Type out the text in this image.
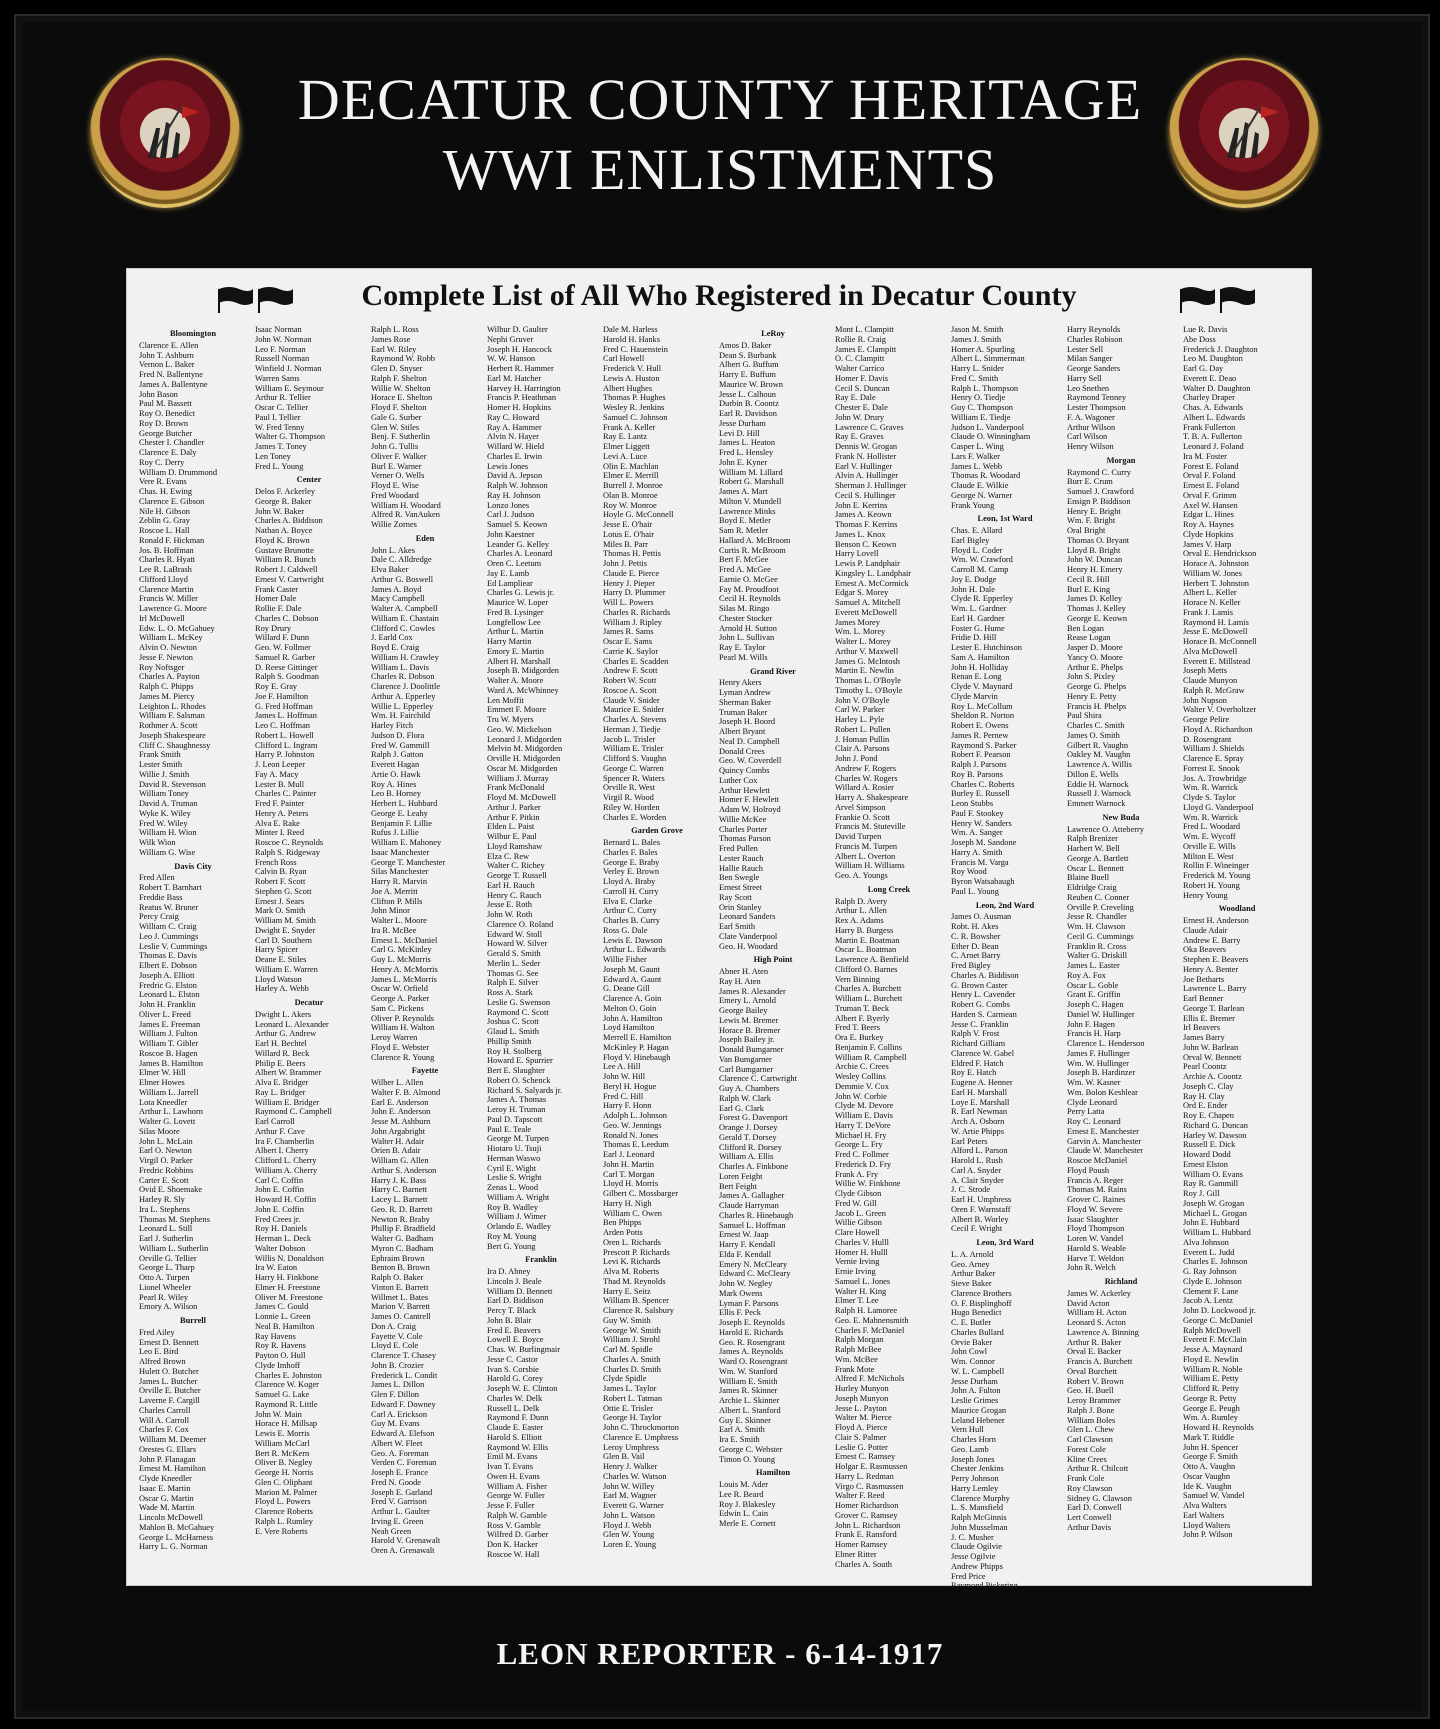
DECATUR COUNTY HERITAGE
WWI ENLISTMENTS
Complete List of All Who Registered in Decatur County
Bloomington
Clarence E. Allen
John T. Ashburn
Vernon L. Baker
Fred N. Ballentyne
James A. Ballentyne
John Bason
Paul M. Bassett
Roy O. Benedict
Roy D. Brown
George Butcher
Chester I. Chandler
Clarence E. Daly
Roy C. Derry
William D. Drummond
Vere R. Evans
Chas. H. Ewing
Clarence E. Gibson
Nile H. Gibson
Zeblin G. Gray
Roscoe L. Hall
Ronald F. Hickman
Jos. B. Hoffman
Charles R. Hyatt
Lee R. LaBrash
Clifford Lloyd
Clarence Martin
Francis W. Miller
Lawrence G. Moore
Irl McDowell
Edw. L. O. McGahuey
William L. McKey
Alvin O. Newton
Jesse F. Newton
Roy Noftsger
Charles A. Payton
Ralph C. Phipps
James M. Piercy
Leighton L. Rhodes
William F. Salsman
Rothmer A. Scott
Joseph Shakespeare
Cliff C. Shaughnessy
Frank Smith
Lester Smith
Willie J. Smith
David R. Stevenson
William Toney
David A. Truman
Wyke K. Wiley
Fred W. Wiley
William H. Wion
Wilk Wion
William G. Wise
Davis City
Fred Allen
Robert T. Barnhart
Freddie Bass
Reatus W. Bruner
Percy Craig
William C. Craig
Leo J. Cummings
Leslie V. Cummings
Thomas E. Davis
Elbert E. Dobson
Joseph A. Elliott
Fredric G. Elston
Leonard L. Elston
John H. Franklin
Oliver L. Freed
James E. Freeman
William J. Fulton
William T. Gibler
Roscoe B. Hagen
James B. Hamilton
Elmer W. Hill
Elmer Howes
William L. Jarrell
Lota Kneedler
Arthur L. Lawhorn
Walter G. Lovett
Silas Moore
John L. McLain
Earl O. Newton
Virgil O. Parker
Fredric Robbins
Carter E. Scott
Ovid E. Shoemake
Harley R. Sly
Ira L. Stephens
Thomas M. Stephens
Leonard L. Still
Earl J. Sutherlin
William L. Sutherlin
Orville G. Tellier
George L. Tharp
Otto A. Turpen
Lionel Wheeler
Pearl R. Wiley
Emory A. Wilson
Burrell
Fred Ailey
Ernest D. Bennett
Leo E. Bird
Alfred Brown
Hulett O. Butcher
James L. Butcher
Orville E. Butcher
Laverne F. Cargill
Charles Carroll
Will A. Carroll
Charles F. Cox
William M. Deemer
Orestes G. Ellars
John P. Flanagan
Ernest M. Hamilton
Clyde Kneedler
Isaac E. Martin
Oscar G. Martin
Wade M. Martin
Lincoln McDowell
Mahlon B. McGahuey
George L. McHarness
Harry L. G. Norman
Isaac Norman
John W. Norman
Leo F. Norman
Russell Norman
Winfield J. Norman
Warren Sams
William E. Seymour
Arthur R. Tellier
Oscar C. Tellier
Paul I. Tellier
W. Fred Tenny
Walter G. Thompson
James T. Toney
Len Toney
Fred L. Young
Center
Delos F. Ackerley
George R. Baker
John W. Baker
Charles A. Biddison
Nathan A. Boyce
Floyd K. Brown
Gustave Brunotte
William R. Bunch
Robert J. Caldwell
Ernest V. Cartwright
Frank Caster
Homer Dale
Rollie F. Dale
Charles C. Dobson
Roy Drury
Willard F. Dunn
Geo. W. Follmer
Samuel R. Garber
D. Reese Gittinger
Ralph S. Goodman
Roy E. Gray
Joe F. Hamilton
G. Fred Hoffman
James L. Hoffman
Leo C. Hoffman
Robert L. Howell
Clifford L. Ingram
Harry P. Johnston
J. Leon Leeper
Fay A. Macy
Lester B. Mull
Charles C. Painter
Fred F. Painter
Henry A. Peters
Alva E. Rake
Minter I. Reed
Roscoe C. Reynolds
Ralph S. Ridgeway
French Ross
Calvin B. Ryan
Robert F. Scott
Stephen G. Scott
Ernest J. Sears
Mark O. Smith
William M. Smith
Dwight E. Snyder
Carl D. Southern
Harry Spicer
Deane E. Stiles
William E. Warren
Lloyd Watson
Harley A. Webb
Decatur
Dwight L. Akers
Leonard L. Alexander
Arthur G. Andrew
Earl H. Bechtel
Willard R. Beck
Philip E. Beers
Albert W. Brammer
Alva E. Bridger
Ray L. Bridger
William E. Bridger
Raymond C. Campbell
Earl Carroll
Arthur F. Cave
Ira F. Chamberlin
Albert I. Cherry
Clifford L. Cherry
William A. Cherry
Carl C. Coffin
John E. Coffin
Howard H. Coffin
John E. Coffin
Fred Crees jr.
Roy H. Daniels
Herman L. Deck
Walter Dobson
Willis N. Donaldson
Ira W. Eaton
Harry H. Finkbone
Elmer H. Freestone
Oliver M. Freestone
James C. Gould
Lonnie L. Green
Neal B. Hamilton
Ray Havens
Roy R. Havens
Payton O. Hull
Clyde Imhoff
Charles E. Johnston
Clarence W. Koger
Samuel G. Lake
Raymond R. Little
John W. Main
Horace H. Millsap
Lewis E. Morris
William McCarl
Bert R. McKern
Oliver B. Negley
George H. Norris
Glen C. Oliphant
Marion M. Palmer
Floyd L. Powers
Clarence Roberts
Ralph L. Rumley
E. Vere Roberts
Ralph L. Ross
James Rose
Earl W. Riley
Raymond W. Robb
Glen D. Snyser
Ralph F. Shelton
Willie W. Shelton
Horace E. Shelton
Floyd F. Shelton
Gale G. Surber
Glen W. Stiles
Benj. F. Sutherlin
John G. Tullis
Oliver F. Walker
Burl E. Warner
Verner O. Wells
Floyd E. Wise
Fred Woodard
William H. Woodard
Alfred R. VanAuken
Willie Zornes
Eden
John L. Akes
Dale C. Alldredge
Elva Baker
Arthur G. Boswell
James A. Boyd
Macy Campbell
Walter A. Campbell
William E. Chastain
Clifford C. Cowles
J. Earld Cox
Boyd E. Craig
William H. Crawley
William L. Davis
Charles R. Dobson
Clarence J. Doolittle
Arthur A. Epperley
Willie L. Epperley
Wm. H. Fairchild
Harley Fitch
Judson D. Flora
Fred W. Gammill
Ralph J. Gatton
Everett Hagan
Artie O. Hawk
Roy A. Hines
Leo B. Horney
Herbert L. Hubbard
George E. Leahy
Benjamin F. Lillie
Rufus J. Lillie
William E. Mahoney
Isaac Manchester
George T. Manchester
Silas Manchester
Harry R. Marvin
Joe A. Merritt
Clifton P. Mills
John Minor
Walter L. Moore
Ira R. McBee
Ernest L. McDaniel
Carl G. McKinley
Guy L. McMorris
Henry A. McMorris
James L. McMorris
Oscar W. Orfield
George A. Parker
Sam C. Pickens
Oliver P. Reynolds
William H. Walton
Leroy Warren
Floyd E. Webster
Clarence R. Young
Fayette
Wilber L. Allen
Walter F. B. Almond
Earl E. Anderson
John E. Anderson
Jesse M. Ashburn
John Argabright
Walter H. Adair
Orien B. Adair
William G. Allen
Arthur S. Anderson
Harry J. K. Bass
Harry C. Barnett
Lacey L. Barnett
Geo. R. D. Barrett
Newton R. Braby
Phillip F. Bradfield
Walter G. Badham
Myron C. Badham
Ephraim Brown
Benton B. Brown
Ralph O. Baker
Vinton E. Barrett
Willmet L. Bates
Marion V. Barrett
James O. Cantrell
Don A. Craig
Fayette V. Cole
Lloyd E. Cole
Clarence T. Chasey
John B. Crozier
Frederick L. Condit
James L. Dillon
Glen F. Dillon
Edward F. Downey
Carl A. Erickson
Guy M. Evans
Edward A. Elefson
Albert W. Fleet
Geo. A. Foreman
Verden C. Foreman
Joseph E. France
Fred N. Goode
Joseph E. Garland
Fred V. Garrison
Arthur L. Gaulter
Irving E. Green
Neah Green
Harold V. Grenawalt
Oren A. Grenawalt
Wilbur D. Gaulter
Nephi Gruver
Joseph H. Hancock
W. W. Hanson
Herbert R. Hammer
Earl M. Hatcher
Harvey H. Harrington
Francis P. Heathman
Homer H. Hopkins
Ray C. Howard
Ray A. Hammer
Alvin N. Hayer
Willard W. Hield
Charles E. Irwin
Lewis Jones
David A. Jepson
Ralph W. Johnson
Ray H. Johnson
Lonzo Jones
Carl J. Judson
Samuel S. Keown
John Kaestner
Leander G. Kelley
Charles A. Leonard
Oren C. Leetum
Jay E. Lamb
Ed Lampliear
Charles G. Lewis jr.
Maurice W. Loper
Fred B. Lysinger
Longfellow Lee
Arthur L. Martin
Harry Martin
Emory E. Martin
Albert H. Marshall
Joseph B. Midgorden
Walter A. Moore
Ward A. McWhinney
Len Moffit
Emmett F. Moore
Tru W. Myers
Geo. W. Mickelson
Leonard J. Midgorden
Melvin M. Midgorden
Orville H. Midgorden
Oscar M. Midgorden
William J. Murray
Frank McDonald
Floyd M. McDowell
Arthur J. Parker
Arthur F. Pitkin
Elden L. Paist
Wilbur E. Paul
Lloyd Ramshaw
Elza C. Rew
Walter C. Richey
George T. Russell
Earl H. Rauch
Henry C. Rauch
Jesse E. Roth
John W. Roth
Clarence O. Roland
Edward W. Stoll
Howard W. Silver
Gerald S. Smith
Merlin L. Seder
Thomas G. See
Ralph E. Silver
Ross A. Stark
Leslie G. Swenson
Raymond C. Scott
Joshua C. Scott
Glaud L. Smith
Phillip Smith
Roy H. Stolberg
Howard E. Spurrier
Bert E. Slaughter
Robert O. Schenck
Richard S. Salyards jr.
James A. Thomas
Leroy H. Truman
Paul D. Tapscott
Paul E. Teale
George M. Turpen
Hiotaro U. Tsuji
Herman Waswo
Cyril E. Wight
Leslie S. Wright
Zenas L. Wood
William A. Wright
Roy B. Wadley
William J. Wimer
Orlando E. Wadley
Roy M. Young
Bert G. Young
Franklin
Ira D. Abney
Lincoln J. Beale
William D. Bennett
Earl D. Biddison
Percy T. Black
John B. Blair
Fred E. Beavers
Lowell E. Boyce
Chas. W. Burlingmair
Jesse C. Castor
Ivan S. Corsbie
Harold G. Corey
Joseph W. E. Clinton
Charles W. Delk
Russell L. Delk
Raymond F. Dunn
Claude E. Easter
Harold S. Elliott
Raymond W. Ellis
Emil M. Evans
Ivan T. Evans
Owen H. Evans
William A. Fisher
George W. Fuller
Jesse F. Fuller
Ralph W. Gamble
Ross V. Gamble
Wilfred D. Garber
Don K. Hacker
Roscoe W. Hall
Dale M. Harless
Harold H. Hanks
Fred C. Hauenstein
Carl Howell
Frederick V. Hull
Lewis A. Huston
Albert Hughes
Thomas P. Hughes
Wesley R. Jenkins
Samuel C. Johnson
Frank A. Keller
Ray E. Lantz
Elmer Liggett
Levi A. Luce
Olin E. Machlan
Elmer E. Merrill
Burrell J. Monroe
Olan B. Monroe
Roy W. Monroe
Hoyle G. McConnell
Jesse E. O'hair
Lotus E. O'hair
Miles B. Parr
Thomas H. Pettis
John J. Pettis
Claude E. Pierce
Henry J. Pieper
Harry D. Plummer
Will L. Powers
Charles R. Richards
William J. Ripley
James R. Sams
Oscar E. Sams
Carrie K. Saylor
Charles E. Scadden
Andrew F. Scott
Robert W. Scott
Roscoe A. Scott
Claude V. Snider
Maurice E. Snider
Charles A. Stevens
Herman J. Tiedje
Jacob L. Trisler
William E. Trisler
Clifford S. Vaughn
George C. Warren
Spencer R. Waters
Orville R. West
Virgil R. Wood
Riley W. Horden
Charles E. Worden
Garden Grove
Bernard L. Bales
Charles F. Bales
George E. Braby
Verley E. Brown
Lloyd A. Braby
Carroll H. Curry
Elva E. Clarke
Arthur C. Curry
Charles B. Curry
Ross G. Dale
Lewis E. Dawson
Arthur L. Edwards
Willie Fisher
Joseph M. Gaunt
Edward A. Gaunt
G. Deane Gill
Clarence A. Goin
Melton O. Goin
John A. Hamilton
Loyd Hamilton
Merrell E. Hamilton
McKinley P. Hagan
Floyd V. Hinebaugh
Lee A. Hill
John W. Hill
Beryl H. Hogue
Fred C. Hill
Harry F. Honn
Adolph L. Johnson
Geo. W. Jennings
Ronald N. Jones
Thomas E. Leedum
Earl J. Leonard
John H. Martin
Carl T. Morgan
Lloyd H. Morris
Gilbert C. Mossbarger
Harry H. Nigh
William C. Owen
Ben Phipps
Arden Potts
Oren L. Richards
Prescott P. Richards
Levi K. Richards
Alva M. Roberts
Thad M. Reynolds
Harry E. Seitz
William B. Spencer
Clarence R. Salsbury
Guy W. Smith
George W. Smith
William J. Strohl
Carl M. Spidle
Charles A. Smith
Charles D. Smith
Clyde Spidle
James L. Taylor
Robert L. Tatman
Ottie E. Trisler
George H. Taylor
John C. Throckmorton
Clarence E. Umphress
Leroy Umphress
Glen B. Vail
Henry J. Walker
Charles W. Watson
John W. Willey
Earl M. Wagner
Everett G. Warner
John L. Watson
Floyd J. Webb
Glen W. Young
Loren E. Young
LeRoy
Amos D. Baker
Dean S. Burbank
Albert G. Buffum
Harry E. Buffum
Maurice W. Brown
Jesse L. Calhoun
Durbin B. Coontz
Earl R. Davidson
Jesse Durham
Levi D. Hill
James L. Heaton
Fred L. Hensley
John E. Kyner
William M. Lillard
Robert G. Marshall
James A. Mart
Milton V. Mundell
Lawrence Minks
Boyd E. Metler
Sam R. Metler
Hallard A. McBroom
Curtis R. McBroom
Bert F. McGee
Fred A. McGee
Earnie O. McGee
Fay M. Proudfoot
Cecil H. Reynolds
Silas M. Ringo
Chester Stocker
Arnold H. Sutton
John L. Sullivan
Ray E. Taylor
Pearl M. Wills
Grand River
Henry Akers
Lyman Andrew
Sherman Baker
Truman Baker
Joseph H. Boord
Albert Bryant
Neal D. Campbell
Donald Crees
Geo. W. Coverdell
Quincy Combs
Luther Cox
Arthur Hewlett
Homer F. Hewlett
Adam W. Holroyd
Willie McKee
Charles Porter
Thomas Parson
Fred Pullen
Lester Rauch
Hallie Rauch
Ben Swegle
Ernest Street
Ray Scott
Orin Stanley
Leonard Sanders
Earl Smith
Clate Vanderpool
Geo. H. Woodard
High Point
Abner H. Aten
Ray H. Aten
James R. Alexander
Emery L. Arnold
George Bailey
Lewis M. Bremer
Horace B. Bremer
Joseph Bailey jr.
Donald Bumgarner
Van Bumgarner
Carl Bumgarner
Clarence C. Cartwright
Guy A. Chambers
Ralph W. Clark
Earl G. Clark
Forest G. Davenport
Orange J. Dorsey
Gerald T. Dorsey
Clifford R. Dorsey
William A. Ellis
Charles A. Finkbone
Loren Feight
Bert Feight
James A. Gallagher
Claude Harryman
Charles R. Hinebaugh
Samuel L. Hoffman
Ernest W. Jaap
Harry F. Kendall
Elda F. Kendall
Emery N. McCleary
Edward C. McCleary
John W. Negley
Mark Owens
Lyman F. Parsons
Ellis F. Peck
Joseph E. Reynolds
Harold E. Richards
Geo. R. Rosengrant
James A. Reynolds
Ward O. Rosengrant
Wm. W. Stanford
William E. Smith
James R. Skinner
Archie L. Skinner
Albert L. Stanford
Guy E. Skinner
Earl A. Smith
Ira E. Smith
George C. Webster
Timon O. Young
Hamilton
Louis M. Ader
Lee R. Beard
Roy J. Blakesley
Edwin L. Cain
Merle E. Cornett
Mont L. Clampitt
Rollie R. Craig
James E. Clampitt
O. C. Clampitt
Walter Carrico
Homer F. Davis
Cecil S. Duncan
Ray E. Dale
Chester E. Dale
John W. Drury
Lawrence C. Graves
Ray E. Graves
Dennis W. Grogan
Frank N. Hollister
Earl V. Hullinger
Alvin A. Hullinger
Sherman J. Hullinger
Cecil S. Hullinger
John E. Kerrins
James A. Keown
Thomas F. Kerrins
James L. Knox
Benson C. Keown
Harry Lovell
Lewis P. Landphair
Kingsley L. Landphair
Ernest A. McCormick
Edgar S. Morey
Samuel A. Mitchell
Everett McDowell
James Morey
Wm. L. Morey
Walter L. Morey
Arthur V. Maxwell
James G. McIntosh
Martin E. Newlin
Thomas L. O'Boyle
Timothy L. O'Boyle
John V. O'Boyle
Carl W. Parker
Harley L. Pyle
Robert L. Pullen
J. Homan Pullin
Clair A. Parsons
John J. Pond
Andrew F. Rogers
Charles W. Rogers
Willard A. Rosier
Harry A. Shakespeare
Arvel Simpson
Frankie O. Scott
Francis M. Stuteville
David Turpen
Francis M. Turpen
Albert L. Overton
William H. Williams
Geo. A. Youngs
Long Creek
Ralph D. Avery
Arthur L. Allen
Rex A. Adams
Harry B. Burgess
Martin E. Boatman
Oscar L. Boatman
Lawrence A. Benfield
Clifford O. Barnes
Vern Binning
Charles A. Burchett
William L. Burchett
Truman T. Beck
Albert F. Byerly
Fred T. Beers
Ora E. Burkey
Benjamin F. Collins
William R. Campbell
Archie C. Crees
Wesley Collins
Demmie V. Cox
John W. Corbie
Clyde M. Devore
William E. Davis
Harry T. DeVore
Michael H. Fry
George L. Fry
Fred C. Follmer
Frederick D. Fry
Frank A. Fry
Willie W. Finkbone
Clyde Gibson
Fred W. Gill
Jacob L. Green
Willie Gibson
Clare Howell
Charles V. Hulll
Homer H. Hulll
Vernie Irving
Ernie Irving
Samuel L. Jones
Walter H. King
Elmer T. Lee
Ralph H. Lamoree
Geo. E. Mahnensmith
Charles F. McDaniel
Ralph Morgan
Ralph McBee
Wm. McBee
Frank Mote
Alfred F. McNichols
Hurley Munyon
Joseph Munyon
Jesse L. Payton
Walter M. Pierce
Floyd A. Pierce
Clair S. Palmer
Leslie G. Potter
Ernest C. Ramsey
Holgar E. Rasmussen
Harry L. Redman
Virgo C. Rasmussen
Walter F. Reed
Homer Richardson
Grover C. Ramsey
John L. Richardson
Frank E. Ransford
Homer Ramsey
Elmer Ritter
Charles A. South
Jason M. Smith
James J. Smith
Homer A. Spurling
Albert L. Simmerman
Harry L. Snider
Fred C. Smith
Ralph L. Thompson
Henry O. Tiedje
Guy C. Thompson
William E. Tiedje
Judson L. Vanderpool
Claude O. Winningham
Casper L. Wing
Lars F. Walker
James L. Webb
Thomas R. Woodard
Claude E. Wilkie
George N. Warner
Frank Young
Leon, 1st Ward
Chas. E. Allard
Earl Bigley
Floyd L. Coder
Wm. W. Crawford
Carroll M. Camp
Joy E. Dodge
John H. Dale
Clyde R. Epperley
Wm. L. Gardner
Earl H. Gardner
Foster G. Hume
Fridie D. Hill
Lester E. Hutchinson
Sam A. Hamilton
John H. Holliday
Renan E. Long
Clyde V. Maynard
Clyde Marvin
Roy L. McCollum
Sheldon R. Norton
Robert E. Owens
James R. Pernew
Raymond S. Parker
Robert F. Pearson
Ralph J. Parsons
Roy B. Parsons
Charles C. Roberts
Burley E. Russell
Leon Stubbs
Paul F. Stookey
Henry W. Sanders
Wm. A. Sanger
Joseph M. Sandone
Harry A. Smith
Francis M. Varga
Roy Wood
Byron Watsabaugh
Paul L. Young
Leon, 2nd Ward
James O. Ausman
Robt. H. Akes
C. R. Bowsher
Ether D. Bean
C. Arnet Barry
Fred Bigley
Charles A. Biddison
G. Brown Caster
Henry L. Cavender
Robert G. Combs
Harden S. Carmean
Jesse C. Franklin
Ralph V. Frost
Richard Gilliam
Clarence W. Gabel
Eldred F. Hatch
Roy E. Hatch
Eugene A. Henner
Earl H. Marshall
Loye E. Marshall
R. Earl Newman
Arch A. Osborn
W. Artie Phipps
Earl Peters
Alford L. Parson
Harold L. Rush
Carl A. Snyder
A. Clair Snyder
J. C. Strode
Earl H. Umphress
Oren F. Warnstaff
Albert B. Worley
Cecil F. Wright
Leon, 3rd Ward
L. A. Arnold
Geo. Arney
Arthur Baker
Steve Baker
Clarence Brothers
O. F. Bisplinghoff
Hugo Benedict
C. E. Butler
Charles Bullard
Orvie Baker
John Cowl
Wm. Connor
W. L. Campbell
Jesse Durham
John A. Fulton
Leslie Grimes
Maurice Grogan
Leland Hebener
Vern Hull
Charles Horn
Geo. Lamb
Joseph Jones
Chester Jenkins
Perry Johnson
Harry Lemley
Clarence Murphy
L. S. Mansfield
Ralph McGinnis
John Musselman
J. C. Musher
Claude Ogilvie
Jesse Ogilvie
Andrew Phipps
Fred Price
Raymond Pickering
Roy Phillips
Ralph Pickering
Dennis Poland
Ernest Russell
Glen Rumley
Clyde Richardson
R. B. Reams
Harry Reynolds
Charles Robison
Lester Sell
Milan Sanger
George Sanders
Harry Sell
Leo Snethen
Raymond Tenney
Lester Thompson
F. A. Wagoner
Arthur Wilson
Carl Wilson
Henry Wilson
Morgan
Raymond C. Curry
Burr E. Crum
Samuel J. Crawford
Ensign P. Biddison
Henry E. Bright
Wm. F. Bright
Oral Bright
Thomas O. Bryant
Lloyd B. Bright
John W. Duncan
Henry H. Emery
Cecil R. Hill
Burl E. King
James D. Kelley
Thomas J. Kelley
George E. Keown
Ben Logan
Rease Logan
Jasper D. Moore
Yancy O. Moore
Arthur E. Phelps
John S. Pixley
George G. Phelps
Henry E. Petty
Francis H. Phelps
Paul Shira
Charles C. Smith
James O. Smith
Gilbert R. Vaughn
Oakley M. Vaughn
Lawrence A. Willis
Dillon E. Wells
Eddie H. Warnock
Russell J. Warnock
Emmett Warnock
New Buda
Lawrence O. Atteberry
Ralph Brenizer
Harbert W. Bell
George A. Bartlett
Oscar L. Bennett
Blaine Buell
Eldridge Craig
Reuben C. Conner
Orville P. Creveling
Jesse R. Chandler
Wm. H. Clawson
Cecil G. Cummings
Franklin R. Cross
Walter G. Driskill
James L. Easter
Roy A. Fox
Oscar L. Goble
Grant E. Griffin
Joseph C. Hagen
Daniel W. Hullinger
John F. Hagen
Francis H. Harp
Clarence L. Henderson
James F. Hullinger
Wm. W. Hullinger
Joseph B. Hardinzer
Wm. W. Kasner
Wm. Bolon Keshlear
Clyde Leonard
Perry Latta
Roy C. Leonard
Ernest E. Manchester
Garvin A. Manchester
Claude W. Manchester
Roscoe McDaniel
Floyd Poush
Francis A. Reger
Thomas M. Rains
Grover C. Raines
Floyd W. Severe
Isaac Slaughter
Floyd Thompson
Loren W. Vandel
Harold S. Weable
Harve T. Weldon
John R. Welch
Richland
James W. Ackerley
David Acton
William H. Acton
Leonard S. Acton
Lawrence A. Binning
Arthur R. Baker
Orval E. Backer
Francis A. Burchett
Orval Burchett
Robert V. Brown
Geo. H. Buell
Leroy Brammer
Ralph J. Bone
William Boles
Glen L. Chew
Carl Clawson
Forest Cole
Kline Crees
Arthur R. Chilcott
Frank Cole
Roy Clawson
Sidney G. Clawson
Earl D. Conwell
Lert Conwell
Arthur Davis
Lue R. Davis
Abe Doss
Frederick J. Daughton
Leo M. Daughton
Earl G. Day
Everett E. Deao
Walter D. Daughton
Charley Draper
Chas. A. Edwards
Albert L. Edwards
Frank Fullerton
T. B. A. Fullerton
Leonard J. Foland
Ira M. Foster
Forest E. Foland
Orval F. Foland
Ernest E. Foland
Orval F. Grimm
Axel W. Hansen
Edgar L. Hines
Roy A. Haynes
Clyde Hopkins
James V. Harp
Orval E. Hendrickson
Horace A. Johnston
William W. Jones
Herbert T. Johnston
Albert L. Keller
Horace N. Keller
Frank J. Lamis
Raymond H. Lamis
Jesse E. McDowell
Horace B. McConnell
Alva McDowell
Everett E. Millstead
Joseph Metts
Claude Munyon
Ralph R. McGraw
John Nupson
Walter V. Overholtzer
George Pelire
Floyd A. Richardson
D. Rosengrant
William J. Shields
Clarence E. Spray
Forrest E. Snook
Jos. A. Trowbridge
Wm. R. Warrick
Clyde S. Taylor
Lloyd G. Vanderpool
Wm. R. Warrick
Fred L. Woodard
Wm. E. Wycoff
Orville E. Wills
Milton E. West
Rollin F. Wineinger
Frederick M. Young
Robert H. Young
Henry Young
Woodland
Ernest H. Anderson
Claude Adair
Andrew E. Barry
Oka Beavers
Stephen E. Beavers
Henry A. Benter
Joe Betharts
Lawrence L. Barry
Earl Benner
George T. Barlean
Ellis E. Bremer
Irl Beavers
James Barry
John W. Barlean
Orval W. Bennett
Pearl Coontz
Archie A. Coontz
Joseph C. Clay
Ray H. Clay
Ord E. Ender
Roy E. Chapen
Richard G. Duncan
Harley W. Dawson
Russell E. Dick
Howard Dodd
Ernest Elston
William O. Evans
Ray R. Gammill
Roy J. Gill
Joseph W. Grogan
Michael L. Grogan
John E. Hubbard
William L. Hubbard
Alva Johnson
Everett L. Judd
Charles E. Johnson
G. Ray Johnson
Clyde E. Johnson
Clement F. Lane
Jacob A. Lentz
John D. Lockwood jr.
George C. McDaniel
Ralph McDowell
Everett F. McClain
Jesse A. Maynard
Floyd E. Newlin
William R. Noble
William E. Petty
Clifford R. Petty
George R. Petty
George E. Peugh
Wm. A. Rumley
Howard H. Reynolds
Mark T. Riddle
John H. Spencer
George F. Smith
Otto A. Vaughn
Oscar Vaughn
Ide K. Vaughn
Samuel W. Vandel
Alva Walters
Earl Walters
Lloyd Walters
John P. Wilson
LEON REPORTER - 6-14-1917
